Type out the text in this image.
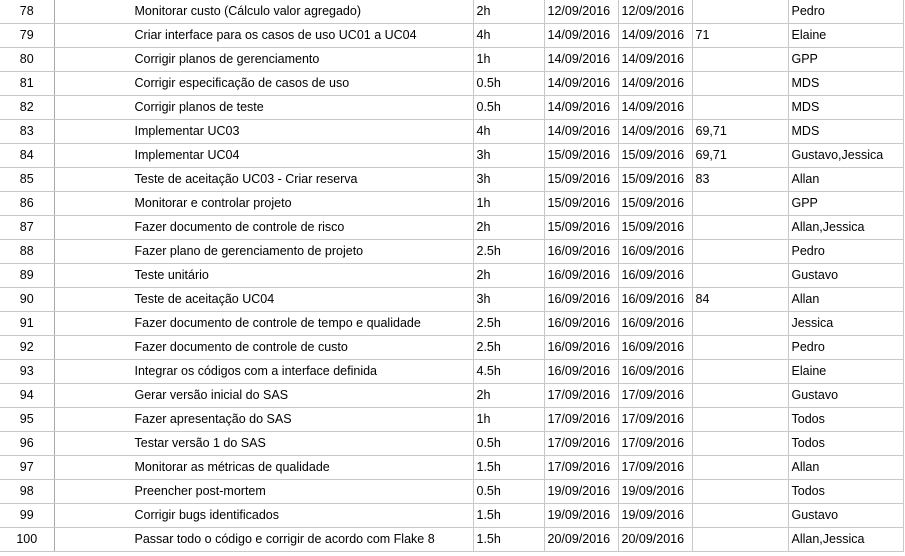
78	Monitorar custo (Cálculo valor agregado)	2h	12/09/2016	12/09/2016		Pedro
79	Criar interface para os casos de uso UC01 a UC04	4h	14/09/2016	14/09/2016	71	Elaine
80	Corrigir planos de gerenciamento	1h	14/09/2016	14/09/2016		GPP
81	Corrigir especificação de casos de uso	0.5h	14/09/2016	14/09/2016		MDS
82	Corrigir planos de teste	0.5h	14/09/2016	14/09/2016		MDS
83	Implementar UC03	4h	14/09/2016	14/09/2016	69,71	MDS
84	Implementar UC04	3h	15/09/2016	15/09/2016	69,71	Gustavo,Jessica
85	Teste de aceitação UC03 - Criar reserva	3h	15/09/2016	15/09/2016	83	Allan
86	Monitorar e controlar projeto	1h	15/09/2016	15/09/2016		GPP
87	Fazer documento de controle de risco	2h	15/09/2016	15/09/2016		Allan,Jessica
88	Fazer plano de gerenciamento de projeto	2.5h	16/09/2016	16/09/2016		Pedro
89	Teste unitário	2h	16/09/2016	16/09/2016		Gustavo
90	Teste de aceitação UC04	3h	16/09/2016	16/09/2016	84	Allan
91	Fazer documento de controle de tempo e qualidade	2.5h	16/09/2016	16/09/2016		Jessica
92	Fazer documento de controle de custo	2.5h	16/09/2016	16/09/2016		Pedro
93	Integrar os códigos com a interface definida	4.5h	16/09/2016	16/09/2016		Elaine
94	Gerar versão inicial do SAS	2h	17/09/2016	17/09/2016		Gustavo
95	Fazer apresentação do SAS	1h	17/09/2016	17/09/2016		Todos
96	Testar versão 1 do SAS	0.5h	17/09/2016	17/09/2016		Todos
97	Monitorar as métricas de qualidade	1.5h	17/09/2016	17/09/2016		Allan
98	Preencher post-mortem	0.5h	19/09/2016	19/09/2016		Todos
99	Corrigir bugs identificados	1.5h	19/09/2016	19/09/2016		Gustavo
100	Passar todo o código e corrigir de acordo com Flake 8	1.5h	20/09/2016	20/09/2016		Allan,Jessica
